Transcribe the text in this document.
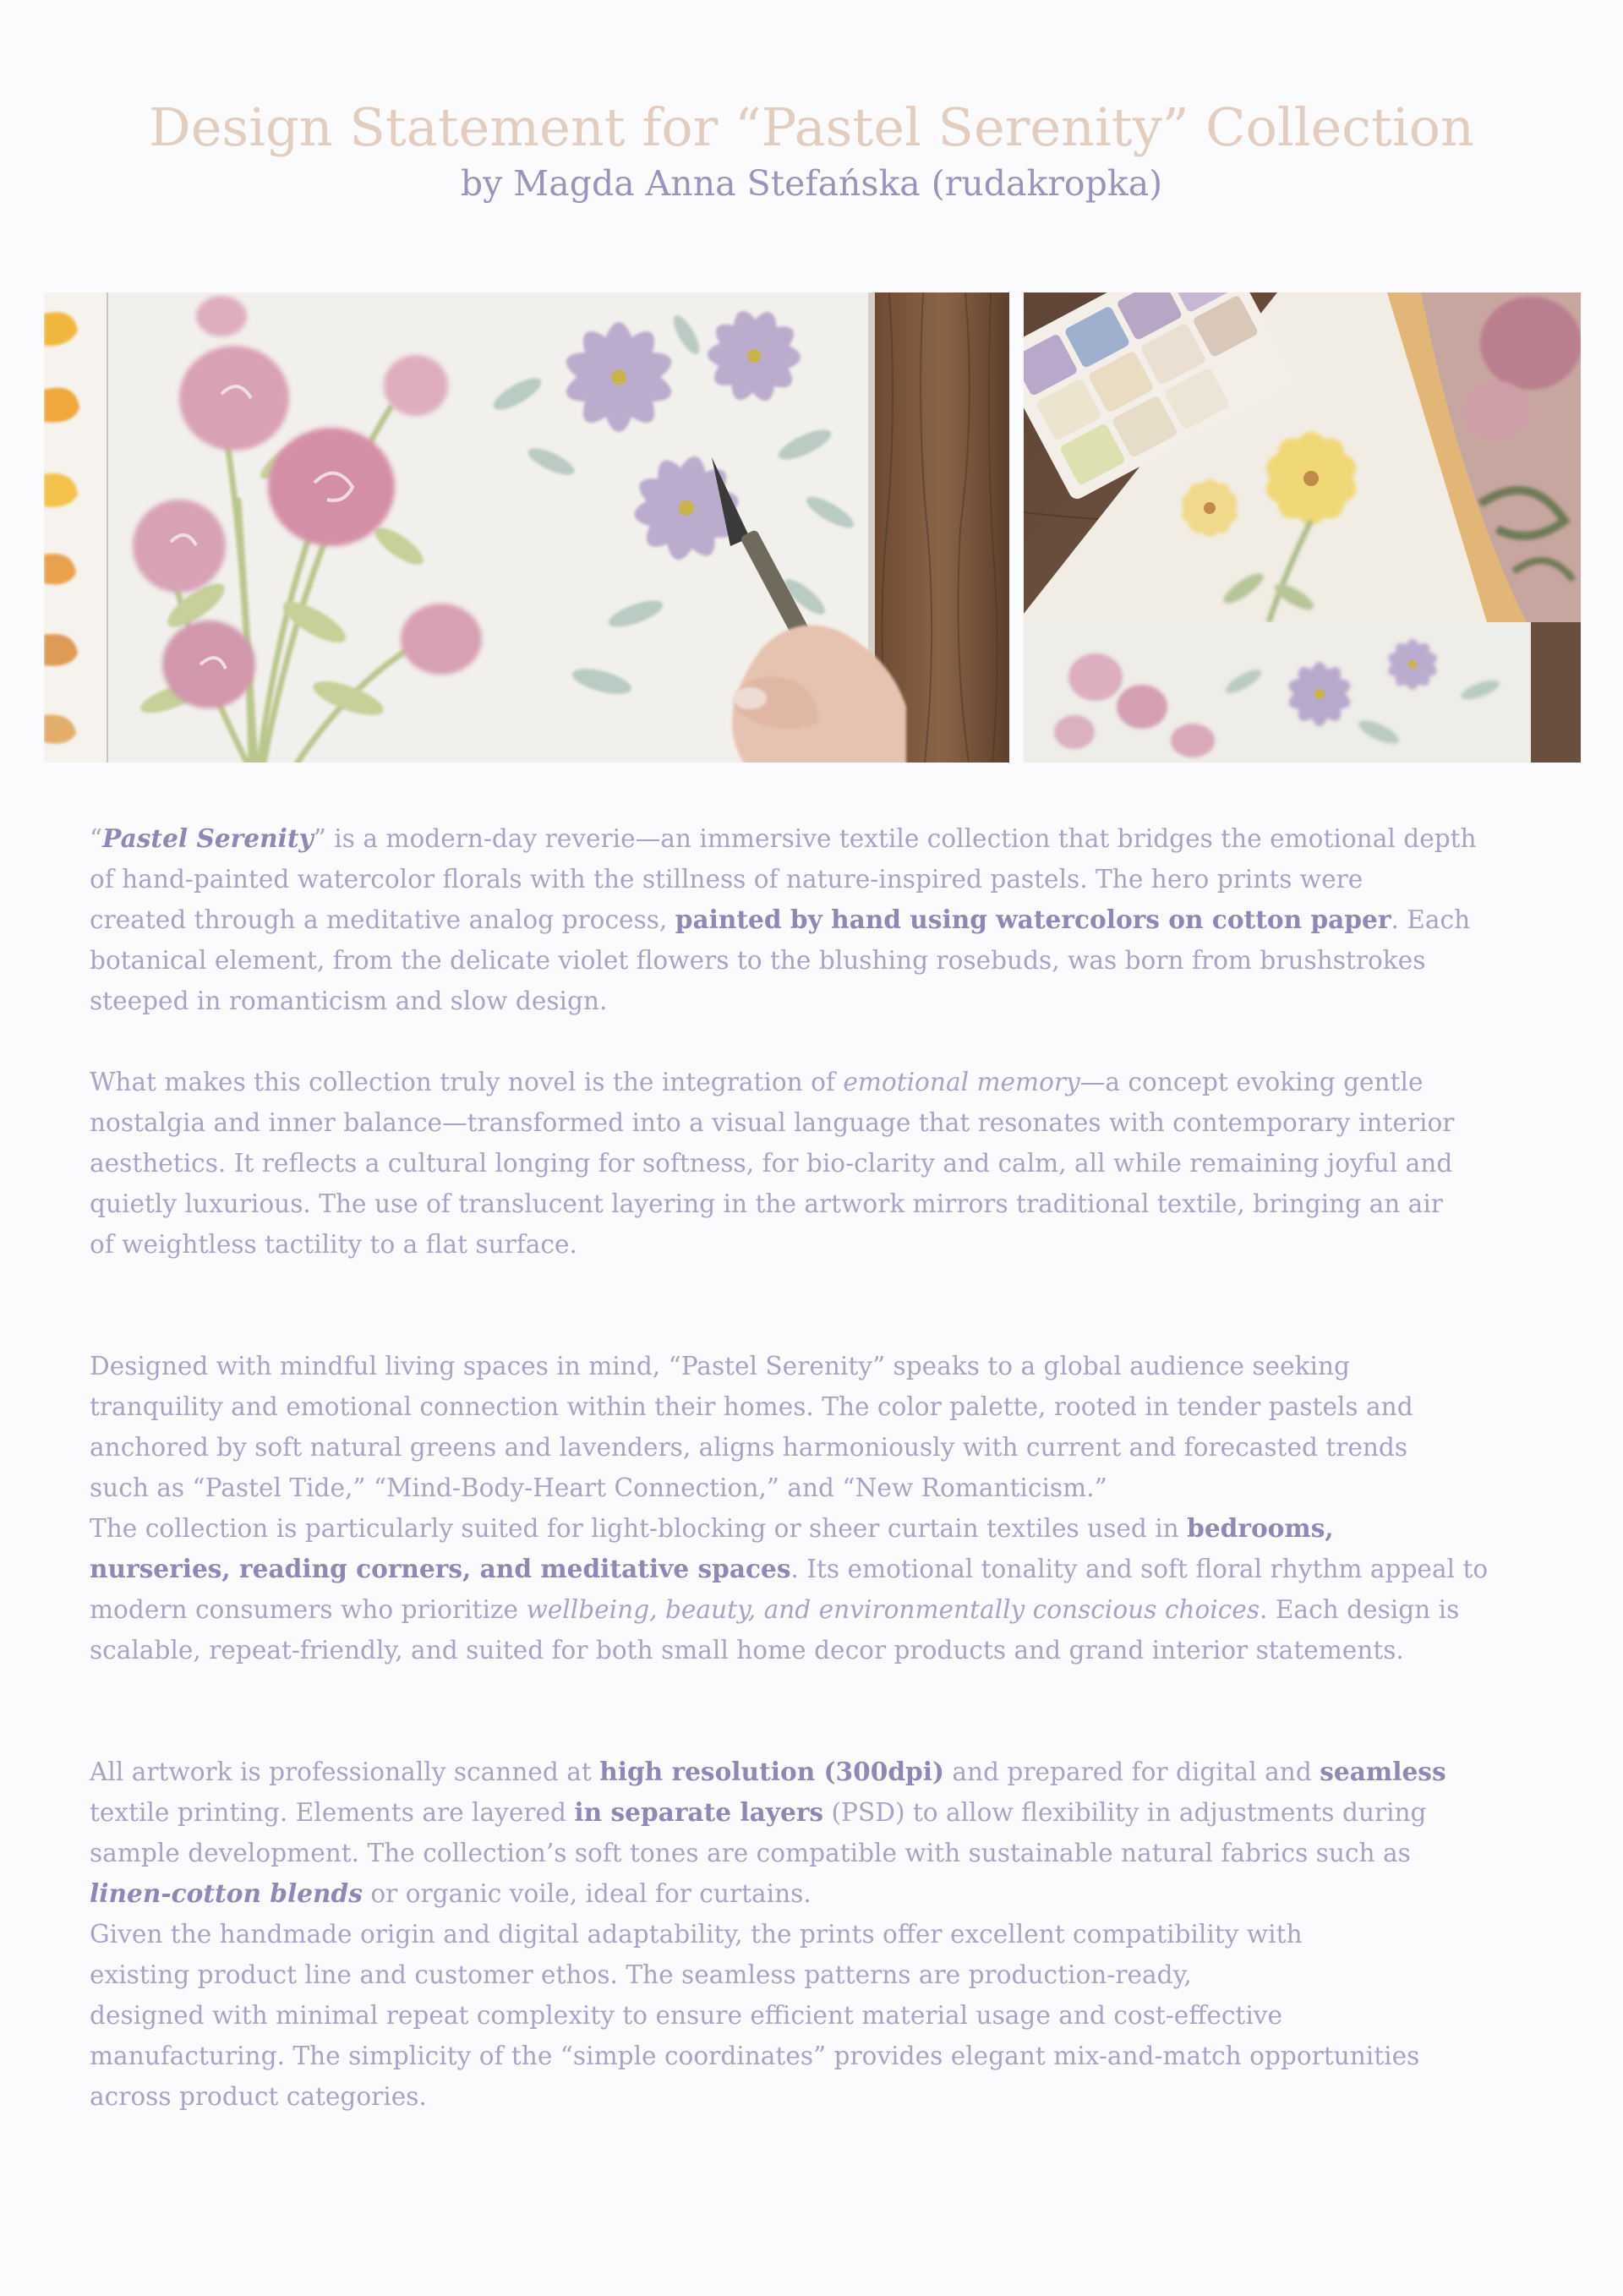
Design Statement for “Pastel Serenity” Collection
by Magda Anna Stefańska (rudakropka)

“Pastel Serenity” is a modern-day reverie—an immersive textile collection that bridges the emotional depth
of hand-painted watercolor florals with the stillness of nature-inspired pastels. The hero prints were
created through a meditative analog process, painted by hand using watercolors on cotton paper. Each
botanical element, from the delicate violet flowers to the blushing rosebuds, was born from brushstrokes
steeped in romanticism and slow design.

What makes this collection truly novel is the integration of emotional memory—a concept evoking gentle
nostalgia and inner balance—transformed into a visual language that resonates with contemporary interior
aesthetics. It reflects a cultural longing for softness, for bio-clarity and calm, all while remaining joyful and
quietly luxurious. The use of translucent layering in the artwork mirrors traditional textile, bringing an air
of weightless tactility to a flat surface.

Designed with mindful living spaces in mind, “Pastel Serenity” speaks to a global audience seeking
tranquility and emotional connection within their homes. The color palette, rooted in tender pastels and
anchored by soft natural greens and lavenders, aligns harmoniously with current and forecasted trends
such as “Pastel Tide,” “Mind-Body-Heart Connection,” and “New Romanticism.”
The collection is particularly suited for light-blocking or sheer curtain textiles used in bedrooms,
nurseries, reading corners, and meditative spaces. Its emotional tonality and soft floral rhythm appeal to
modern consumers who prioritize wellbeing, beauty, and environmentally conscious choices. Each design is
scalable, repeat-friendly, and suited for both small home decor products and grand interior statements.

All artwork is professionally scanned at high resolution (300dpi) and prepared for digital and seamless
textile printing. Elements are layered in separate layers (PSD) to allow flexibility in adjustments during
sample development. The collection’s soft tones are compatible with sustainable natural fabrics such as
linen-cotton blends or organic voile, ideal for curtains.
Given the handmade origin and digital adaptability, the prints offer excellent compatibility with
existing product line and customer ethos. The seamless patterns are production-ready,
designed with minimal repeat complexity to ensure efficient material usage and cost-effective
manufacturing. The simplicity of the “simple coordinates” provides elegant mix-and-match opportunities
across product categories.
